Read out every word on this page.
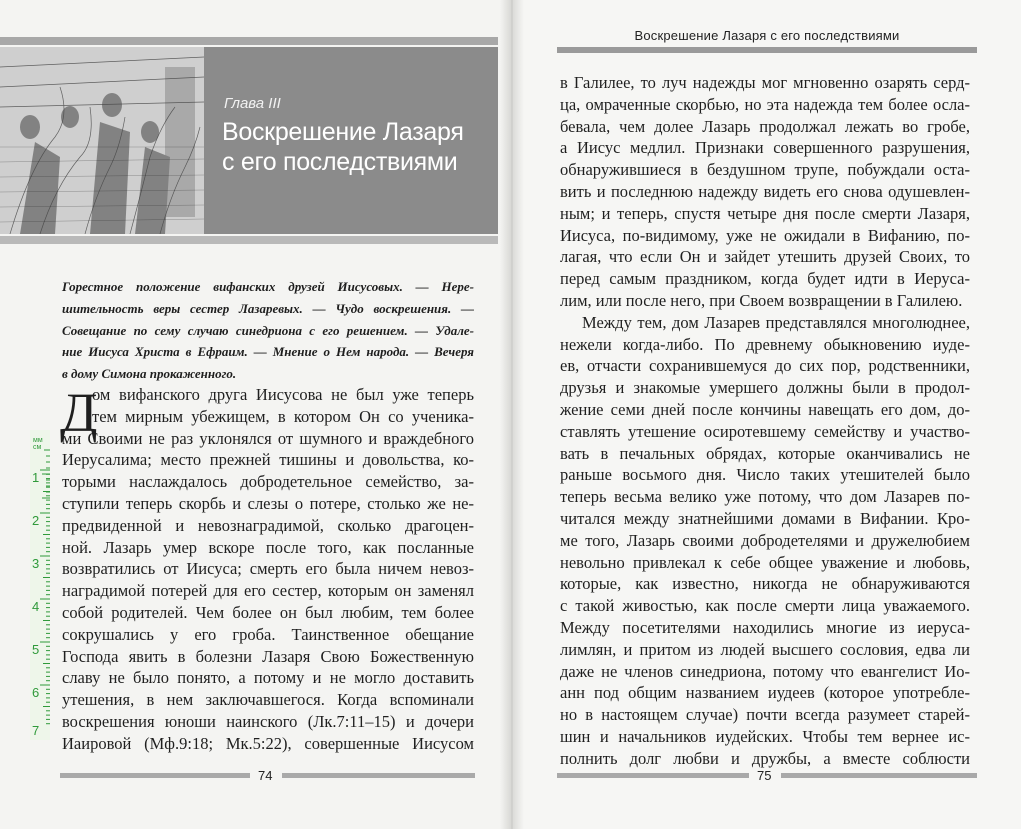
Глава III
Воскрешение Лазаря
с его последствиями
Горестное положение вифанских друзей Иисусовых. — Нере-
шительность веры сестер Лазаревых. — Чудо воскрешения. —
Совещание по сему случаю синедриона с его решением. — Удале-
ние Иисуса Христа в Ефраим. — Мнение о Нем народа. — Вечеря
в дому Симона прокаженного.
Д
ом вифанского друга Иисусова не был уже теперь
тем мирным убежищем, в котором Он со ученика-
ми Своими не раз уклонялся от шумного и враждебного
Иерусалима; место прежней тишины и довольства, ко-
торыми наслаждалось добродетельное семейство, за-
ступили теперь скорбь и слезы о потере, столько же не-
предвиденной и невознаградимой, сколько драгоцен-
ной. Лазарь умер вскоре после того, как посланные
возвратились от Иисуса; смерть его была ничем невоз-
наградимой потерей для его сестер, которым он заменял
собой родителей. Чем более он был любим, тем более
сокрушались у его гроба. Таинственное обещание
Господа явить в болезни Лазаря Свою Божественную
славу не было понято, а потому и не могло доставить
утешения, в нем заключавшегося. Когда вспоминали
воскрешения юноши наинского (Лк.7:11–15) и дочери
Иаировой (Мф.9:18; Мк.5:22), совершенные Иисусом
мм
см
1
2
3
4
5
6
7
74
Воскрешение Лазаря с его последствиями
75
в Галилее, то луч надежды мог мгновенно озарять серд-
ца, омраченные скорбью, но эта надежда тем более осла-
бевала, чем долее Лазарь продолжал лежать во гробе,
а Иисус медлил. Признаки совершенного разрушения,
обнаружившиеся в бездушном трупе, побуждали оста-
вить и последнюю надежду видеть его снова одушевлен-
ным; и теперь, спустя четыре дня после смерти Лазаря,
Иисуса, по-видимому, уже не ожидали в Вифанию, по-
лагая, что если Он и зайдет утешить друзей Своих, то
перед самым праздником, когда будет идти в Иеруса-
лим, или после него, при Своем возвращении в Галилею.
Между тем, дом Лазарев представлялся многолюднее,
нежели когда-либо. По древнему обыкновению иуде-
ев, отчасти сохранившемуся до сих пор, родственники,
друзья и знакомые умершего должны были в продол-
жение семи дней после кончины навещать его дом, до-
ставлять утешение осиротевшему семейству и участво-
вать в печальных обрядах, которые оканчивались не
раньше восьмого дня. Число таких утешителей было
теперь весьма велико уже потому, что дом Лазарев по-
читался между знатнейшими домами в Вифании. Кро-
ме того, Лазарь своими добродетелями и дружелюбием
невольно привлекал к себе общее уважение и любовь,
которые, как известно, никогда не обнаруживаются
с такой живостью, как после смерти лица уважаемого.
Между посетителями находились многие из иеруса-
лимлян, и притом из людей высшего сословия, едва ли
даже не членов синедриона, потому что евангелист Ио-
анн под общим названием иудеев (которое употребле-
но в настоящем случае) почти всегда разумеет старей-
шин и начальников иудейских. Чтобы тем вернее ис-
полнить долг любви и дружбы, а вместе соблюсти
